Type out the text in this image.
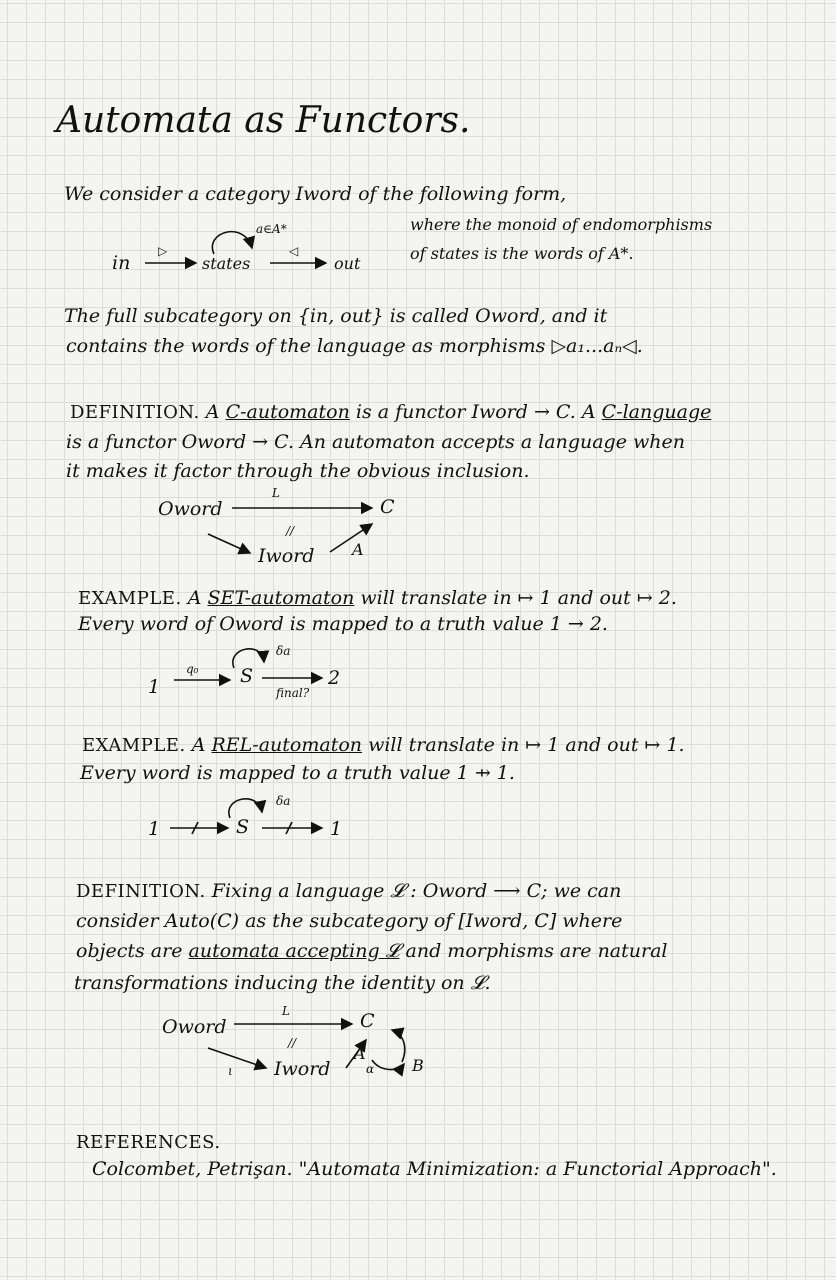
Automata as Functors.
We consider a category Iword of the following form,
where the monoid of endomorphisms
of states is the words of A*.
in
▷
states
a∈A*
◁
out
The full subcategory on {in, out} is called Oword, and it
contains the words of the language as morphisms ▷a₁...aₙ◁.
DEFINITION. A C-automaton is a functor Iword → C. A C-language
is a functor Oword → C. An automaton accepts a language when
it makes it factor through the obvious inclusion.
Oword
L
C
//
Iword A
EXAMPLE. A SET-automaton will translate in ↦ 1 and out ↦ 2.
Every word of Oword is mapped to a truth value 1 → 2.
1
q₀ S
δa
final?
2
EXAMPLE. A REL-automaton will translate in ↦ 1 and out ↦ 1.
Every word is mapped to a truth value 1 ⇸ 1.
1	S
δa
1
DEFINITION. Fixing a language 𝓛 : Oword ⟶ C; we can
consider Auto(C) as the subcategory of [Iword, C] where
objects are automata accepting 𝓛 and morphisms are natural
transformations inducing the identity on 𝓛.
Oword
L	C
//
ι Iword
A
α B
REFERENCES.
Colcombet, Petrişan. "Automata Minimization: a Functorial Approach".
